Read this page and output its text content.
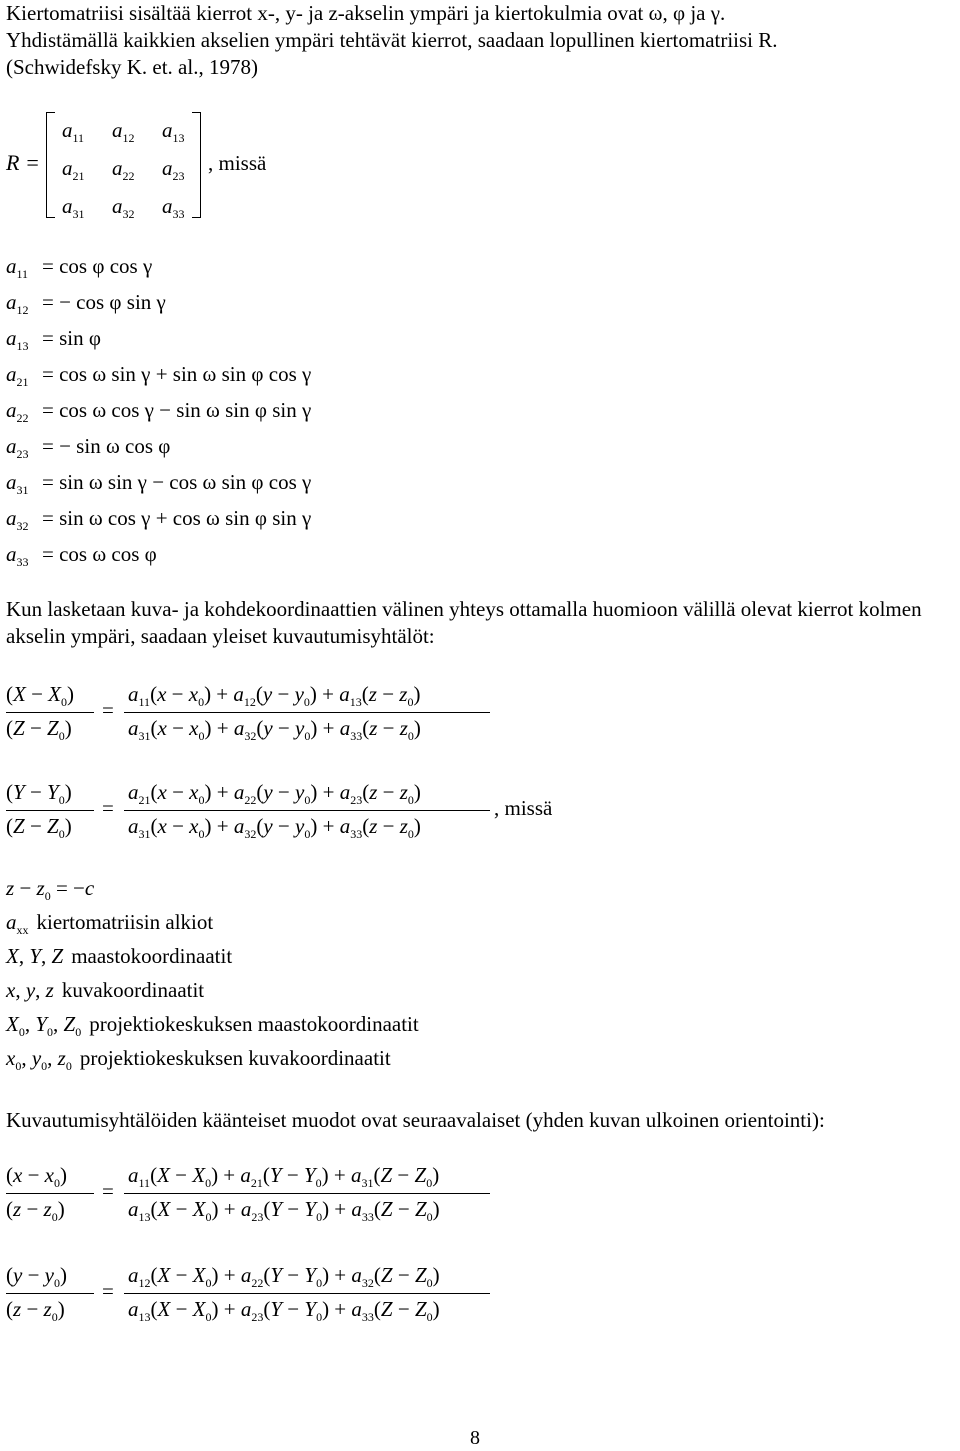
Kiertomatriisi sisältää kierrot x-, y- ja z-akselin ympäri ja kiertokulmia ovat ω, φ ja γ.
Yhdistämällä kaikkien akselien ympäri tehtävät kierrot, saadaan lopullinen kiertomatriisi R.
(Schwidefsky K. et. al., 1978)
R =
$a_{11}$ $a_{12}$ $a_{13}$
$a_{21}$ $a_{22}$ $a_{23}$
$a_{31}$ $a_{32}$ $a_{33}$
, missä
$a_{11} = \cos \varphi$ cos γ
$a_{12}$ = − cos φ sin γ
$a_{13} = \sin \varphi$
$a_{21} = \cos \omega$ sin γ + sin ω sin φ cos γ
$a_{22} = \cos \omega$ cos γ − sin ω sin φ sin γ
$a_{23}$ = − sin ω cos φ
$a_{31} = \sin \omega$ sin γ − cos ω sin φ cos γ
$a_{32} = \sin \omega$ cos γ + cos ω sin φ sin γ
$a_{33} = \cos \omega$ cos φ
Kun lasketaan kuva- ja kohdekoordinaattien välinen yhteys ottamalla huomioon välillä olevat kierrot kolmen akselin ympäri, saadaan yleiset kuvautumisyhtälöt:
$(X - X_0)$
$(Z - Z_0)$
=
$a_{11}(x - x_0) + a_{12}(y - y_0) + a_{13}(z - z_0)$
$a_{31}(x - x_0) + a_{32}(y - y_0) + a_{33}(z - z_0)$
$(Y - Y_0)$
$(Z - Z_0)$
=
$a_{21}(x - x_0) + a_{22}(y - y_0) + a_{23}(z - z_0)$
$a_{31}(x - x_0) + a_{32}(y - y_0) + a_{33}(z - z_0)$
, missä
$z - z_0 = -c$
$a_{xx}$ kiertomatriisin alkiot
X, Y, Z maastokoordinaatit
x, y, z kuvakoordinaatit
$X_0$, $Y_0$, $Z_0$ projektiokeskuksen maastokoordinaatit
$x_0$, $y_0$, $z_0$ projektiokeskuksen kuvakoordinaatit
Kuvautumisyhtälöiden käänteiset muodot ovat seuraavalaiset (yhden kuvan ulkoinen orientointi):
$(x - x_0)$
$(z - z_0)$
=
$a_{11}(X - X_0) + a_{21}(Y - Y_0) + a_{31}(Z - Z_0)$
$a_{13}(X - X_0) + a_{23}(Y - Y_0) + a_{33}(Z - Z_0)$
$(y - y_0)$
$(z - z_0)$
=
$a_{12}(X - X_0) + a_{22}(Y - Y_0) + a_{32}(Z - Z_0)$
$a_{13}(X - X_0) + a_{23}(Y - Y_0) + a_{33}(Z - Z_0)$
8
